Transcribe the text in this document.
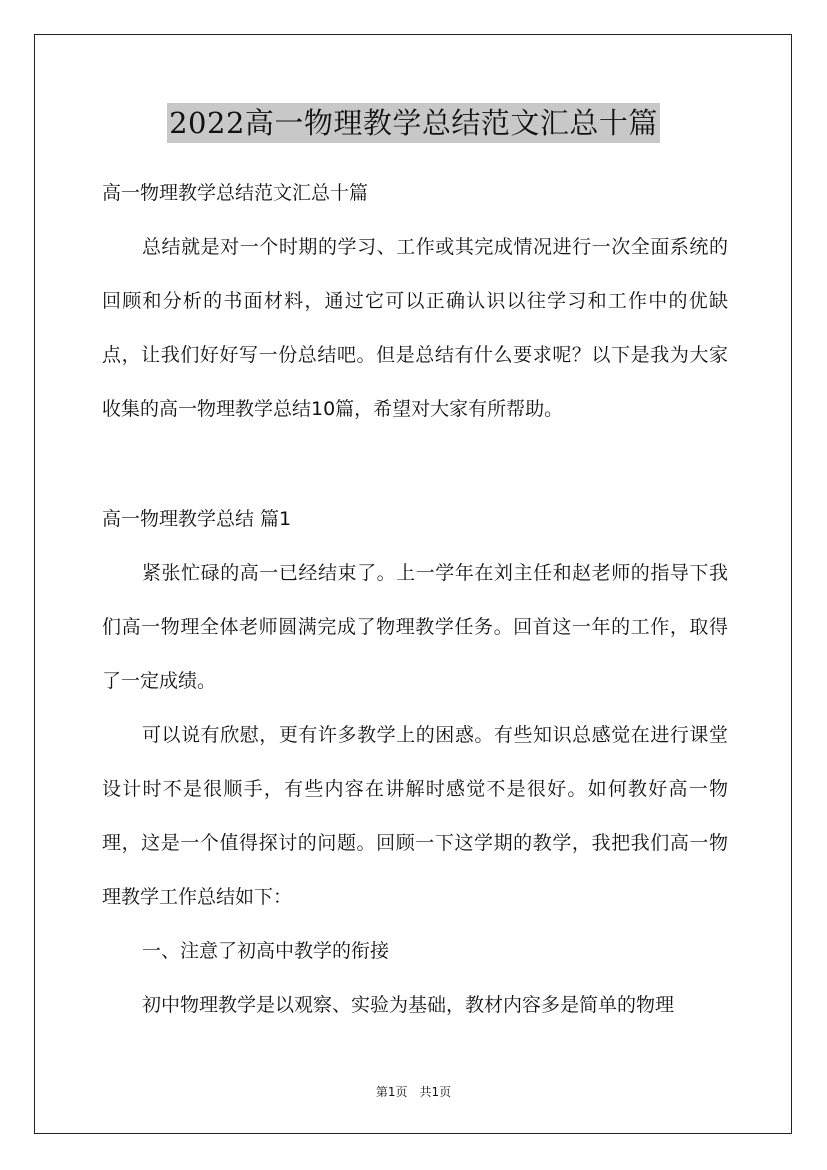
2022高一物理教学总结范文汇总十篇
高一物理教学总结范文汇总十篇
总结就是对一个时期的学习、工作或其完成情况进行一次全面系统的回顾和分析的书面材料，通过它可以正确认识以往学习和工作中的优缺点，让我们好好写一份总结吧。但是总结有什么要求呢？以下是我为大家收集的高一物理教学总结10篇，希望对大家有所帮助。
高一物理教学总结 篇1
紧张忙碌的高一已经结束了。上一学年在刘主任和赵老师的指导下我们高一物理全体老师圆满完成了物理教学任务。回首这一年的工作，取得了一定成绩。
可以说有欣慰，更有许多教学上的困惑。有些知识总感觉在进行课堂设计时不是很顺手，有些内容在讲解时感觉不是很好。如何教好高一物理，这是一个值得探讨的问题。回顾一下这学期的教学，我把我们高一物理教学工作总结如下：
一、注意了初高中教学的衔接
初中物理教学是以观察、实验为基础，教材内容多是简单的物理
第1页　共1页
